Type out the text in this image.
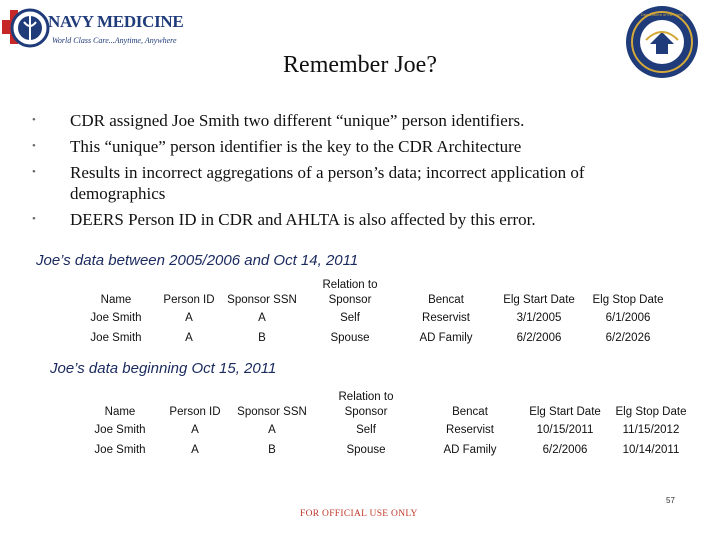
NAVY MEDICINE
World Class Care...Anytime, Anywhere
Department of the Navy
Remember Joe?
• CDR assigned Joe Smith two different “unique” person identifiers.
• This “unique” person identifier is the key to the CDR Architecture
• Results in incorrect aggregations of a person’s data; incorrect application of demographics
• DEERS Person ID in CDR and AHLTA is also affected by this error.
Joe’s data between 2005/2006 and Oct 14, 2011
Name	Person ID	Sponsor SSN	Relation to Sponsor	Bencat	Elg Start Date	Elg Stop Date
Joe Smith	A	A	Self	Reservist	3/1/2005	6/1/2006
Joe Smith	A	B	Spouse	AD Family	6/2/2006	6/2/2026
Joe’s data beginning Oct 15, 2011
Name	Person ID	Sponsor SSN	Relation to Sponsor	Bencat	Elg Start Date	Elg Stop Date
Joe Smith	A	A	Self	Reservist	10/15/2011	11/15/2012
Joe Smith	A	B	Spouse	AD Family	6/2/2006	10/14/2011
57
FOR OFFICIAL USE ONLY
